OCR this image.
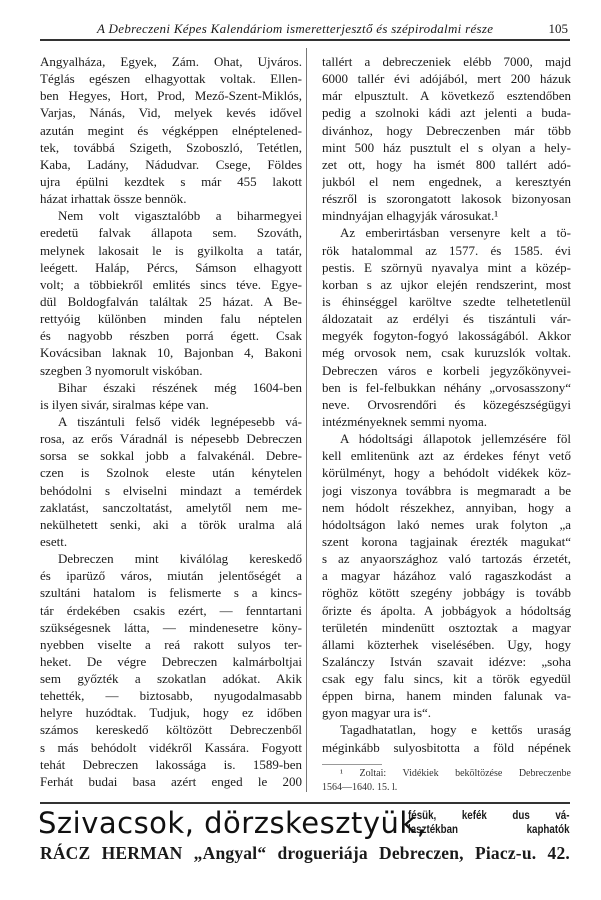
A Debreczeni Képes Kalendáriom ismeretterjesztő és szépirodalmi része	105
Angyalháza, Egyek, Zám. Ohat, Ujváros.
Téglás egészen elhagyottak voltak. Ellen-
ben Hegyes, Hort, Prod, Mező-Szent-Miklós,
Varjas, Nánás, Vid, melyek kevés idővel
azután megint és végképpen elnéptelened-
tek, továbbá Szigeth, Szoboszló, Tetétlen,
Kaba, Ladány, Nádudvar. Csege, Földes
ujra épülni kezdtek s már 455 lakott
házat irhattak össze bennök.
Nem volt vigasztalóbb a biharmegyei
eredetü falvak állapota sem. Szováth,
melynek lakosait le is gyilkolta a tatár,
leégett. Haláp, Pércs, Sámson elhagyott
volt; a többiekről emlités sincs téve. Egye-
dül Boldogfalván találtak 25 házat. A Be-
rettyóig különben minden falu néptelen
és nagyobb részben porrá égett. Csak
Kovácsiban laknak 10, Bajonban 4, Bakoni
szegben 3 nyomorult viskóban.
Bihar északi részének még 1604-ben
is ilyen sivár, siralmas képe van.
A tiszántuli felső vidék legnépesebb vá-
rosa, az erős Váradnál is népesebb Debreczen
sorsa se sokkal jobb a falvakénál. Debre-
czen is Szolnok eleste után kénytelen
behódolni s elviselni mindazt a temérdek
zaklatást, sanczoltatást, amelytől nem me-
nekülhetett senki, aki a török uralma alá
esett.
Debreczen mint kiválólag kereskedő
és iparüző város, miután jelentőségét a
szultáni hatalom is felismerte s a kincs-
tár érdekében csakis ezért, — fenntartani
szükségesnek látta, — mindenesetre köny-
nyebben viselte a reá rakott sulyos ter-
heket. De végre Debreczen kalmárboltjai
sem győzték a szokatlan adókat. Akik
tehették, — biztosabb, nyugodalmasabb
helyre huzódtak. Tudjuk, hogy ez időben
számos kereskedő költözött Debreczenből
s más behódolt vidékről Kassára. Fogyott
tehát Debreczen lakossága is. 1589-ben
Ferhát budai basa azért enged le 200
tallért a debreczeniek elébb 7000, majd
6000 tallér évi adójából, mert 200 házuk
már elpusztult. A következő esztendőben
pedig a szolnoki kádi azt jelenti a buda-
divánhoz, hogy Debreczenben már több
mint 500 ház pusztult el s olyan a hely-
zet ott, hogy ha ismét 800 tallért adó-
jukból el nem engednek, a keresztyén
részről is szorongatott lakosok bizonyosan
mindnyájan elhagyják városukat.¹
Az emberirtásban versenyre kelt a tö-
rök hatalommal az 1577. és 1585. évi
pestis. E szörnyü nyavalya mint a közép-
korban s az ujkor elején rendszerint, most
is éhinséggel karöltve szedte telhetetlenül
áldozatait az erdélyi és tiszántuli vár-
megyék fogyton-fogyó lakosságából. Akkor
még orvosok nem, csak kuruzslók voltak.
Debreczen város e korbeli jegyzőkönyvei-
ben is fel-felbukkan néhány „orvosasszony“
neve. Orvosrendőri és közegészségügyi
intézményeknek semmi nyoma.
A hódoltsági állapotok jellemzésére föl
kell emlitenünk azt az érdekes fényt vető
körülményt, hogy a behódolt vidékek köz-
jogi viszonya továbbra is megmaradt a be
nem hódolt részekhez, annyiban, hogy a
hódoltságon lakó nemes urak folyton „a
szent korona tagjainak érezték magukat“
s az anyaországhoz való tartozás érzetét,
a magyar házához való ragaszkodást a
röghöz kötött szegény jobbágy is tovább
őrizte és ápolta. A jobbágyok a hódoltság
területén mindenütt osztoztak a magyar
állami közterhek viselésében. Ugy, hogy
Szalánczy István szavait idézve: „soha
csak egy falu sincs, kit a török egyedül
éppen birna, hanem minden falunak va-
gyon magyar ura is“.
Tagadhatatlan, hogy e kettős uraság
méginkább sulyosbitotta a föld népének
¹ Zoltai: Vidékiek beköltözése Debreczenbe
1564—1640. 15. l.
Szivacsok, dörzskesztyük,
fésük, kefék dus vá-
lasztékban kaphatók
RÁCZ HERMAN „Angyal“ drogueriája Debreczen, Piacz-u. 42.
